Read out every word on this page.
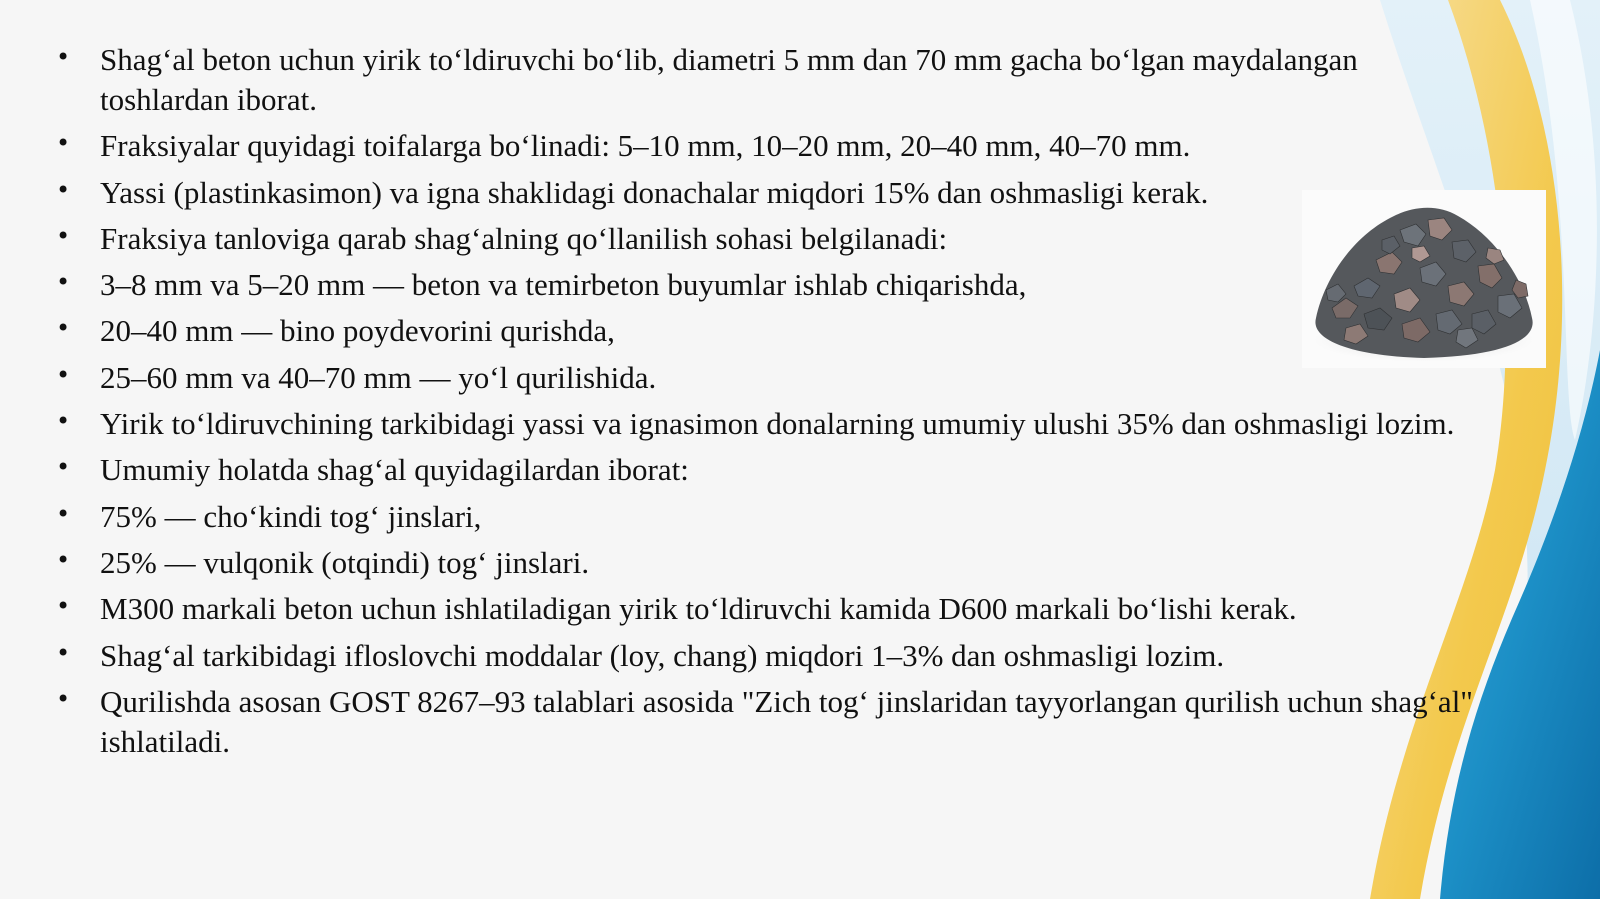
• Shag‘al beton uchun yirik to‘ldiruvchi bo‘lib, diametri 5 mm dan 70 mm gacha bo‘lgan maydalangan toshlardan iborat.
• Fraksiyalar quyidagi toifalarga bo‘linadi: 5–10 mm, 10–20 mm, 20–40 mm, 40–70 mm.
• Yassi (plastinkasimon) va igna shaklidagi donachalar miqdori 15% dan oshmasligi kerak.
• Fraksiya tanloviga qarab shag‘alning qo‘llanilish sohasi belgilanadi:
• 3–8 mm va 5–20 mm — beton va temirbeton buyumlar ishlab chiqarishda,
• 20–40 mm — bino poydevorini qurishda,
• 25–60 mm va 40–70 mm — yo‘l qurilishida.
• Yirik to‘ldiruvchining tarkibidagi yassi va ignasimon donalarning umumiy ulushi 35% dan oshmasligi lozim.
• Umumiy holatda shag‘al quyidagilardan iborat:
• 75% — cho‘kindi tog‘ jinslari,
• 25% — vulqonik (otqindi) tog‘ jinslari.
• M300 markali beton uchun ishlatiladigan yirik to‘ldiruvchi kamida D600 markali bo‘lishi kerak.
• Shag‘al tarkibidagi ifloslovchi moddalar (loy, chang) miqdori 1–3% dan oshmasligi lozim.
• Qurilishda asosan GOST 8267–93 talablari asosida "Zich tog‘ jinslaridan tayyorlangan qurilish uchun shag‘al" ishlatiladi.
